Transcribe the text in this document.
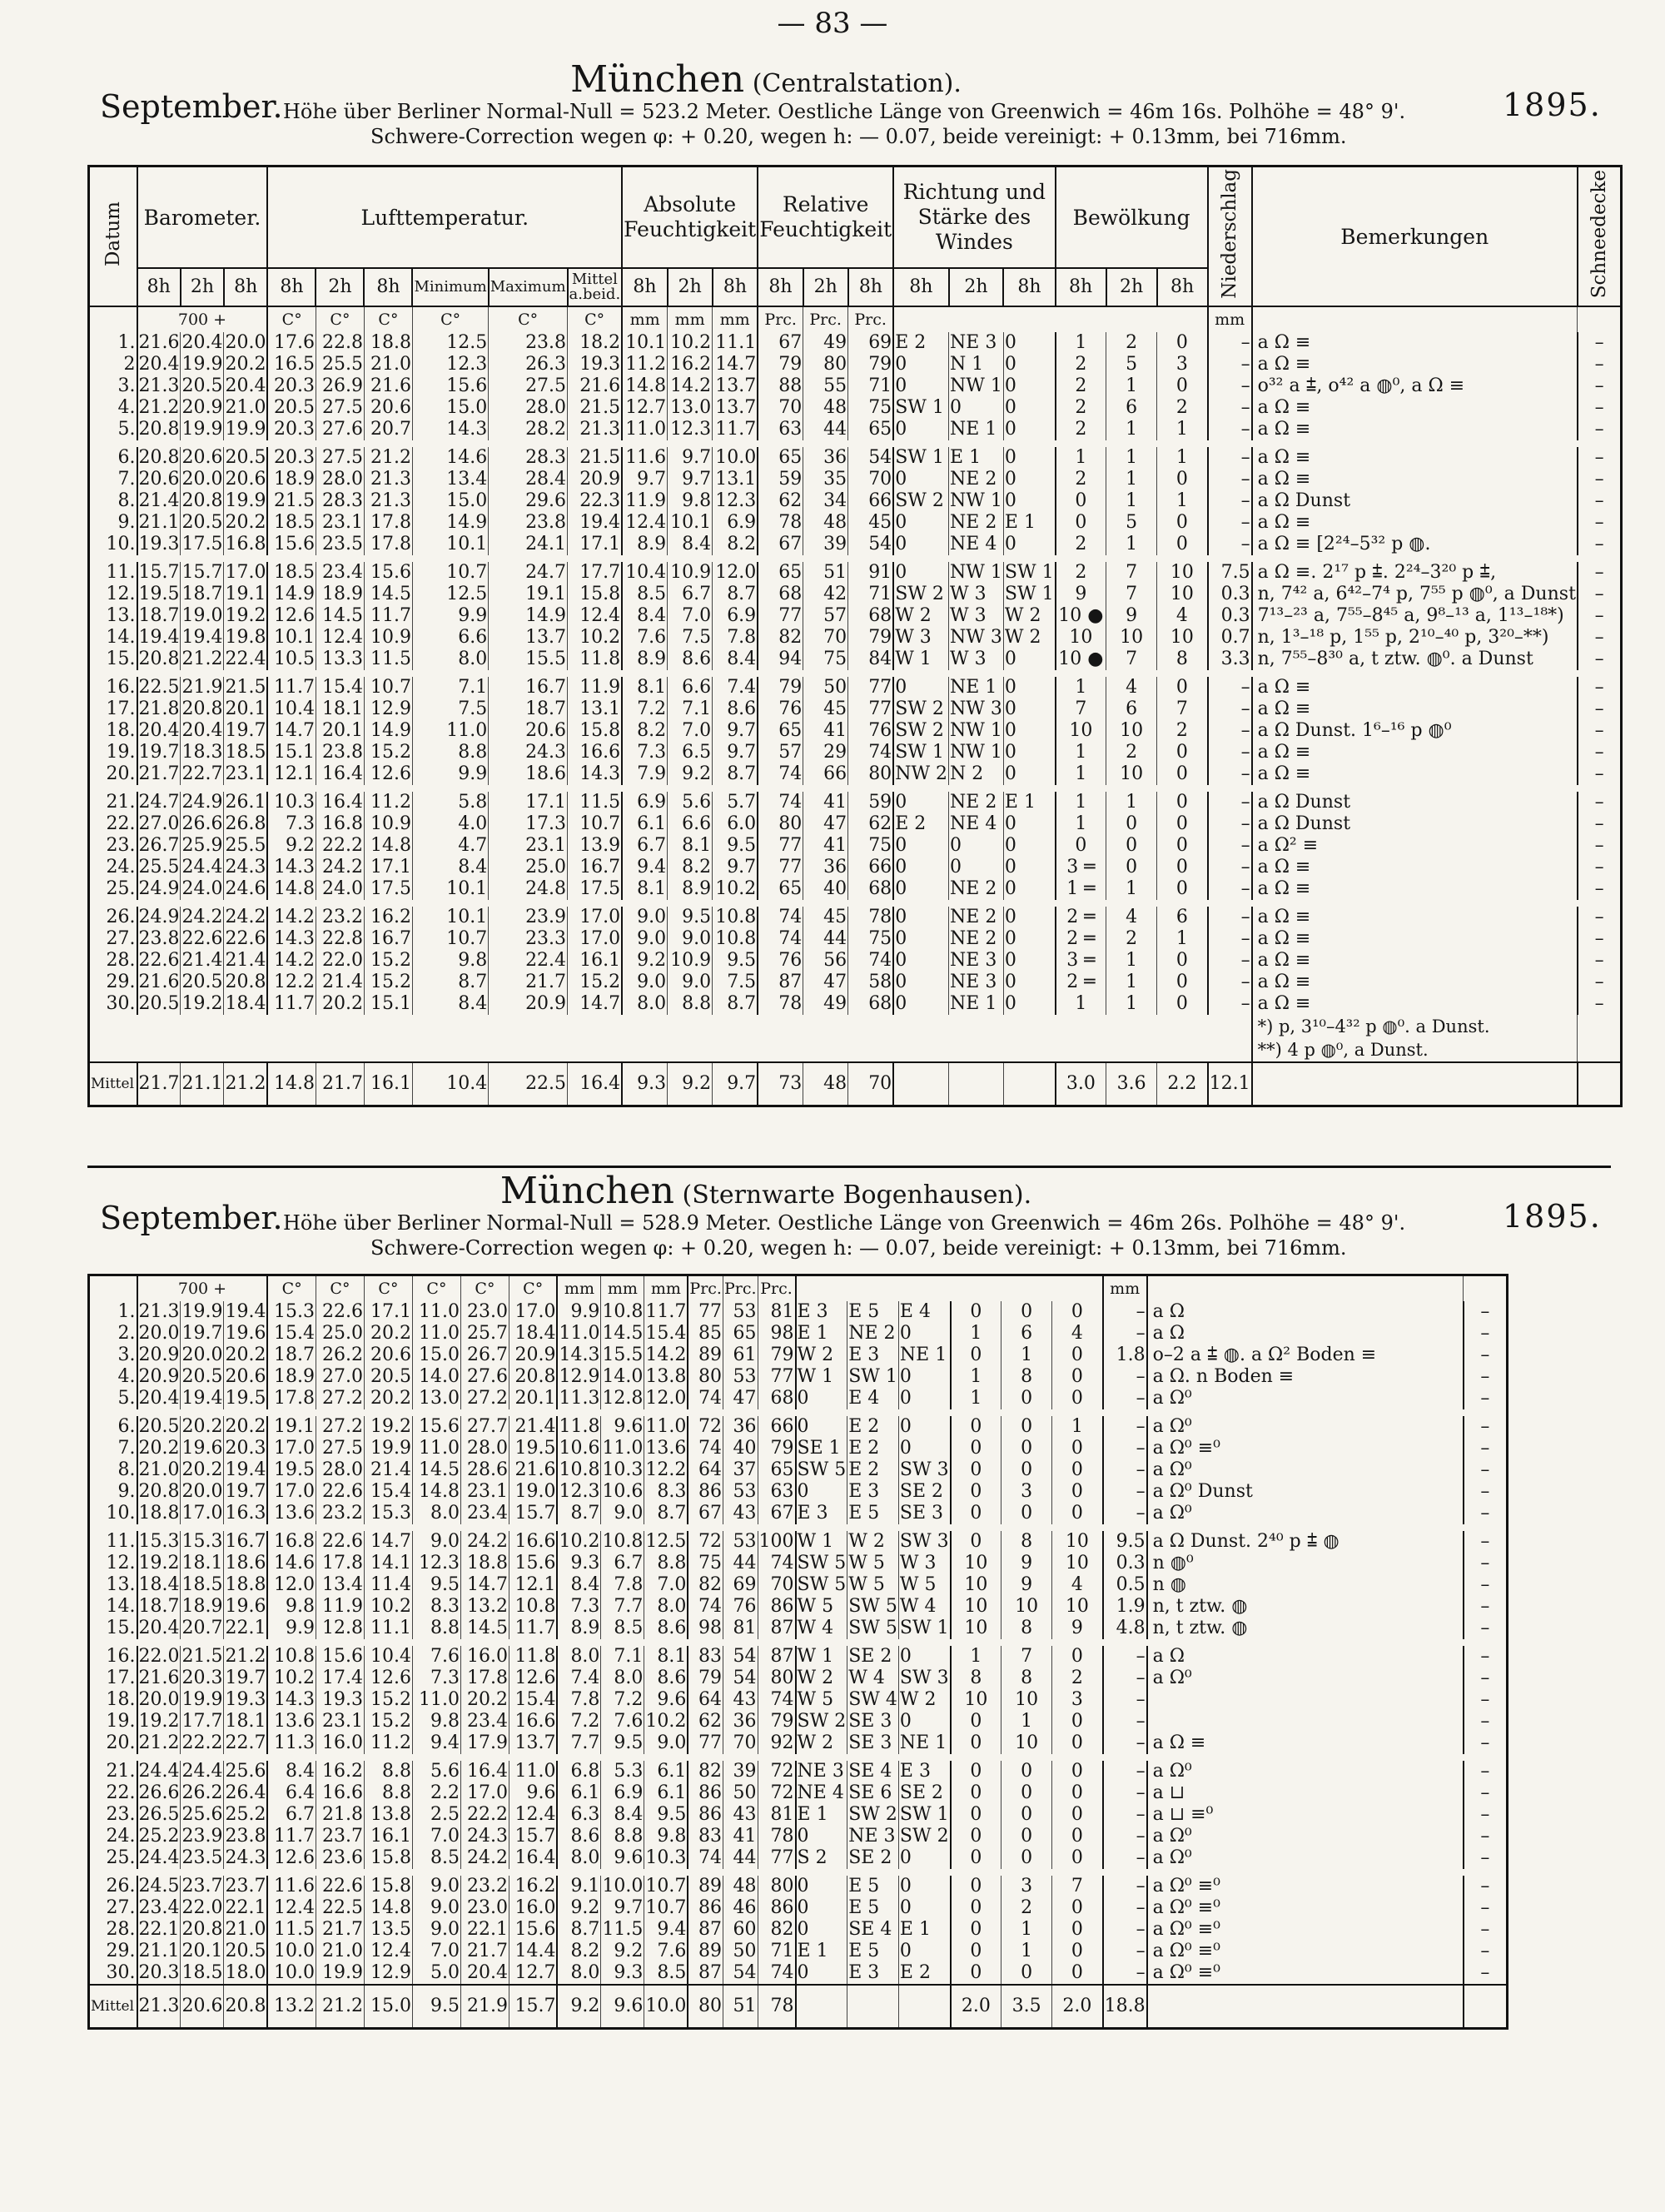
— 83 —
München (Centralstation).
September.	1895.
Höhe über Berliner Normal-Null = 523.2 Meter. Oestliche Länge von Greenwich = 46m 16s. Polhöhe = 48° 9'.
Schwere-Correction wegen φ: + 0.20, wegen h: — 0.07, beide vereinigt: + 0.13mm, bei 716mm.
Datum	Barometer.			Lufttemperatur.						Absolute Feuchtigkeit			Relative Feuchtigkeit			Richtung und Stärke des Windes			Bewölkung			Niederschlag	Bemerkungen	Schneedecke
	8h	2h	8h	8h	2h	8h	Minimum	Maximum	Mittel a.beid.	8h	2h	8h	8h	2h	8h	8h	2h	8h	8h	2h	8h			
	700 +			C°	C°	C°	C°	C°	C°	mm	mm	mm	Prc.	Prc.	Prc.							mm		
1.	21.6	20.4	20.0	17.6	22.8	18.8	12.5	23.8	18.2	10.1	10.2	11.1	67	49	69	E 2	NE 3	0	1	2	0	–	a Ω ≡	–
2	20.4	19.9	20.2	16.5	25.5	21.0	12.3	26.3	19.3	11.2	16.2	14.7	79	80	79	0	N 1	0	2	5	3	–	a Ω ≡	–
3.	21.3	20.5	20.4	20.3	26.9	21.6	15.6	27.5	21.6	14.8	14.2	13.7	88	55	71	0	NW 1	0	2	1	0	–	o³² a ⩲, o⁴² a ◍⁰, a Ω ≡	–
4.	21.2	20.9	21.0	20.5	27.5	20.6	15.0	28.0	21.5	12.7	13.0	13.7	70	48	75	SW 1	0	0	2	6	2	–	a Ω ≡	–
5.	20.8	19.9	19.9	20.3	27.6	20.7	14.3	28.2	21.3	11.0	12.3	11.7	63	44	65	0	NE 1	0	2	1	1	–	a Ω ≡	–

6.	20.8	20.6	20.5	20.3	27.5	21.2	14.6	28.3	21.5	11.6	9.7	10.0	65	36	54	SW 1	E 1	0	1	1	1	–	a Ω ≡	–
7.	20.6	20.0	20.6	18.9	28.0	21.3	13.4	28.4	20.9	9.7	9.7	13.1	59	35	70	0	NE 2	0	2	1	0	–	a Ω ≡	–
8.	21.4	20.8	19.9	21.5	28.3	21.3	15.0	29.6	22.3	11.9	9.8	12.3	62	34	66	SW 2	NW 1	0	0	1	1	–	a Ω Dunst	–
9.	21.1	20.5	20.2	18.5	23.1	17.8	14.9	23.8	19.4	12.4	10.1	6.9	78	48	45	0	NE 2	E 1	0	5	0	–	a Ω ≡	–
10.	19.3	17.5	16.8	15.6	23.5	17.8	10.1	24.1	17.1	8.9	8.4	8.2	67	39	54	0	NE 4	0	2	1	0	–	a Ω ≡ [2²⁴–5³² p ◍.	–

11.	15.7	15.7	17.0	18.5	23.4	15.6	10.7	24.7	17.7	10.4	10.9	12.0	65	51	91	0	NW 1	SW 1	2	7	10	7.5	a Ω ≡. 2¹⁷ p ⩲. 2²⁴–3²⁰ p ⩲,	–
12.	19.5	18.7	19.1	14.9	18.9	14.5	12.5	19.1	15.8	8.5	6.7	8.7	68	42	71	SW 2	W 3	SW 1	9	7	10	0.3	n, 7⁴² a, 6⁴²–7⁴ p, 7⁵⁵ p ◍⁰, a Dunst	–
13.	18.7	19.0	19.2	12.6	14.5	11.7	9.9	14.9	12.4	8.4	7.0	6.9	77	57	68	W 2	W 3	W 2	10 ●	9	4	0.3	7¹³–²³ a, 7⁵⁵–8⁴⁵ a, 9⁸–¹³ a, 1¹³–¹⁸*)	–
14.	19.4	19.4	19.8	10.1	12.4	10.9	6.6	13.7	10.2	7.6	7.5	7.8	82	70	79	W 3	NW 3	W 2	10	10	10	0.7	n, 1³–¹⁸ p, 1⁵⁵ p, 2¹⁰–⁴⁰ p, 3²⁰–**)	–
15.	20.8	21.2	22.4	10.5	13.3	11.5	8.0	15.5	11.8	8.9	8.6	8.4	94	75	84	W 1	W 3	0	10 ●	7	8	3.3	n, 7⁵⁵–8³⁰ a, t ztw. ◍⁰. a Dunst	–

16.	22.5	21.9	21.5	11.7	15.4	10.7	7.1	16.7	11.9	8.1	6.6	7.4	79	50	77	0	NE 1	0	1	4	0	–	a Ω ≡	–
17.	21.8	20.8	20.1	10.4	18.1	12.9	7.5	18.7	13.1	7.2	7.1	8.6	76	45	77	SW 2	NW 3	0	7	6	7	–	a Ω ≡	–
18.	20.4	20.4	19.7	14.7	20.1	14.9	11.0	20.6	15.8	8.2	7.0	9.7	65	41	76	SW 2	NW 1	0	10	10	2	–	a Ω Dunst. 1⁶–¹⁶ p ◍⁰	–
19.	19.7	18.3	18.5	15.1	23.8	15.2	8.8	24.3	16.6	7.3	6.5	9.7	57	29	74	SW 1	NW 1	0	1	2	0	–	a Ω ≡	–
20.	21.7	22.7	23.1	12.1	16.4	12.6	9.9	18.6	14.3	7.9	9.2	8.7	74	66	80	NW 2	N 2	0	1	10	0	–	a Ω ≡	–

21.	24.7	24.9	26.1	10.3	16.4	11.2	5.8	17.1	11.5	6.9	5.6	5.7	74	41	59	0	NE 2	E 1	1	1	0	–	a Ω Dunst	–
22.	27.0	26.6	26.8	7.3	16.8	10.9	4.0	17.3	10.7	6.1	6.6	6.0	80	47	62	E 2	NE 4	0	1	0	0	–	a Ω Dunst	–
23.	26.7	25.9	25.5	9.2	22.2	14.8	4.7	23.1	13.9	6.7	8.1	9.5	77	41	75	0	0	0	0	0	0	–	a Ω² ≡	–
24.	25.5	24.4	24.3	14.3	24.2	17.1	8.4	25.0	16.7	9.4	8.2	9.7	77	36	66	0	0	0	3 ═	0	0	–	a Ω ≡	–
25.	24.9	24.0	24.6	14.8	24.0	17.5	10.1	24.8	17.5	8.1	8.9	10.2	65	40	68	0	NE 2	0	1 ═	1	0	–	a Ω ≡	–

26.	24.9	24.2	24.2	14.2	23.2	16.2	10.1	23.9	17.0	9.0	9.5	10.8	74	45	78	0	NE 2	0	2 ═	4	6	–	a Ω ≡	–
27.	23.8	22.6	22.6	14.3	22.8	16.7	10.7	23.3	17.0	9.0	9.0	10.8	74	44	75	0	NE 2	0	2 ═	2	1	–	a Ω ≡	–
28.	22.6	21.4	21.4	14.2	22.0	15.2	9.8	22.4	16.1	9.2	10.9	9.5	76	56	74	0	NE 3	0	3 ═	1	0	–	a Ω ≡	–
29.	21.6	20.5	20.8	12.2	21.4	15.2	8.7	21.7	15.2	9.0	9.0	7.5	87	47	58	0	NE 3	0	2 ═	1	0	–	a Ω ≡	–
30.	20.5	19.2	18.4	11.7	20.2	15.1	8.4	20.9	14.7	8.0	8.8	8.7	78	49	68	0	NE 1	0	1	1	0	–	a Ω ≡	–
																							*) p, 3¹⁰–4³² p ◍⁰. a Dunst.	
																							**) 4 p ◍⁰, a Dunst.	
Mittel	21.7	21.1	21.2	14.8	21.7	16.1	10.4	22.5	16.4	9.3	9.2	9.7	73	48	70				3.0	3.6	2.2	12.1		
München (Sternwarte Bogenhausen).
September.	1895.
Höhe über Berliner Normal-Null = 528.9 Meter. Oestliche Länge von Greenwich = 46m 26s. Polhöhe = 48° 9'.
Schwere-Correction wegen φ: + 0.20, wegen h: — 0.07, beide vereinigt: + 0.13mm, bei 716mm.
	700 +			C°	C°	C°	C°	C°	C°	mm	mm	mm	Prc.	Prc.	Prc.							mm		
1.	21.3	19.9	19.4	15.3	22.6	17.1	11.0	23.0	17.0	9.9	10.8	11.7	77	53	81	E 3	E 5	E 4	0	0	0	–	a Ω	–
2.	20.0	19.7	19.6	15.4	25.0	20.2	11.0	25.7	18.4	11.0	14.5	15.4	85	65	98	E 1	NE 2	0	1	6	4	–	a Ω	–
3.	20.9	20.0	20.2	18.7	26.2	20.6	15.0	26.7	20.9	14.3	15.5	14.2	89	61	79	W 2	E 3	NE 1	0	1	0	1.8	o–2 a ⩲ ◍. a Ω² Boden ≡	–
4.	20.9	20.5	20.6	18.9	27.0	20.5	14.0	27.6	20.8	12.9	14.0	13.8	80	53	77	W 1	SW 1	0	1	8	0	–	a Ω. n Boden ≡	–
5.	20.4	19.4	19.5	17.8	27.2	20.2	13.0	27.2	20.1	11.3	12.8	12.0	74	47	68	0	E 4	0	1	0	0	–	a Ω⁰	–

6.	20.5	20.2	20.2	19.1	27.2	19.2	15.6	27.7	21.4	11.8	9.6	11.0	72	36	66	0	E 2	0	0	0	1	–	a Ω⁰	–
7.	20.2	19.6	20.3	17.0	27.5	19.9	11.0	28.0	19.5	10.6	11.0	13.6	74	40	79	SE 1	E 2	0	0	0	0	–	a Ω⁰ ≡⁰	–
8.	21.0	20.2	19.4	19.5	28.0	21.4	14.5	28.6	21.6	10.8	10.3	12.2	64	37	65	SW 5	E 2	SW 3	0	0	0	–	a Ω⁰	–
9.	20.8	20.0	19.7	17.0	22.6	15.4	14.8	23.1	19.0	12.3	10.6	8.3	86	53	63	0	E 3	SE 2	0	3	0	–	a Ω⁰ Dunst	–
10.	18.8	17.0	16.3	13.6	23.2	15.3	8.0	23.4	15.7	8.7	9.0	8.7	67	43	67	E 3	E 5	SE 3	0	0	0	–	a Ω⁰	–

11.	15.3	15.3	16.7	16.8	22.6	14.7	9.0	24.2	16.6	10.2	10.8	12.5	72	53	100	W 1	W 2	SW 3	0	8	10	9.5	a Ω Dunst. 2⁴⁰ p ⩲ ◍	–
12.	19.2	18.1	18.6	14.6	17.8	14.1	12.3	18.8	15.6	9.3	6.7	8.8	75	44	74	SW 5	W 5	W 3	10	9	10	0.3	n ◍⁰	–
13.	18.4	18.5	18.8	12.0	13.4	11.4	9.5	14.7	12.1	8.4	7.8	7.0	82	69	70	SW 5	W 5	W 5	10	9	4	0.5	n ◍	–
14.	18.7	18.9	19.6	9.8	11.9	10.2	8.3	13.2	10.8	7.3	7.7	8.0	74	76	86	W 5	SW 5	W 4	10	10	10	1.9	n, t ztw. ◍	–
15.	20.4	20.7	22.1	9.9	12.8	11.1	8.8	14.5	11.7	8.9	8.5	8.6	98	81	87	W 4	SW 5	SW 1	10	8	9	4.8	n, t ztw. ◍	–

16.	22.0	21.5	21.2	10.8	15.6	10.4	7.6	16.0	11.8	8.0	7.1	8.1	83	54	87	W 1	SE 2	0	1	7	0	–	a Ω	–
17.	21.6	20.3	19.7	10.2	17.4	12.6	7.3	17.8	12.6	7.4	8.0	8.6	79	54	80	W 2	W 4	SW 3	8	8	2	–	a Ω⁰	–
18.	20.0	19.9	19.3	14.3	19.3	15.2	11.0	20.2	15.4	7.8	7.2	9.6	64	43	74	W 5	SW 4	W 2	10	10	3	–		–
19.	19.2	17.7	18.1	13.6	23.1	15.2	9.8	23.4	16.6	7.2	7.6	10.2	62	36	79	SW 2	SE 3	0	0	1	0	–		–
20.	21.2	22.2	22.7	11.3	16.0	11.2	9.4	17.9	13.7	7.7	9.5	9.0	77	70	92	W 2	SE 3	NE 1	0	10	0	–	a Ω ≡	–

21.	24.4	24.4	25.6	8.4	16.2	8.8	5.6	16.4	11.0	6.8	5.3	6.1	82	39	72	NE 3	SE 4	E 3	0	0	0	–	a Ω⁰	–
22.	26.6	26.2	26.4	6.4	16.6	8.8	2.2	17.0	9.6	6.1	6.9	6.1	86	50	72	NE 4	SE 6	SE 2	0	0	0	–	a ⊔	–
23.	26.5	25.6	25.2	6.7	21.8	13.8	2.5	22.2	12.4	6.3	8.4	9.5	86	43	81	E 1	SW 2	SW 1	0	0	0	–	a ⊔ ≡⁰	–
24.	25.2	23.9	23.8	11.7	23.7	16.1	7.0	24.3	15.7	8.6	8.8	9.8	83	41	78	0	NE 3	SW 2	0	0	0	–	a Ω⁰	–
25.	24.4	23.5	24.3	12.6	23.6	15.8	8.5	24.2	16.4	8.0	9.6	10.3	74	44	77	S 2	SE 2	0	0	0	0	–	a Ω⁰	–

26.	24.5	23.7	23.7	11.6	22.6	15.8	9.0	23.2	16.2	9.1	10.0	10.7	89	48	80	0	E 5	0	0	3	7	–	a Ω⁰ ≡⁰	–
27.	23.4	22.0	22.1	12.4	22.5	14.8	9.0	23.0	16.0	9.2	9.7	10.7	86	46	86	0	E 5	0	0	2	0	–	a Ω⁰ ≡⁰	–
28.	22.1	20.8	21.0	11.5	21.7	13.5	9.0	22.1	15.6	8.7	11.5	9.4	87	60	82	0	SE 4	E 1	0	1	0	–	a Ω⁰ ≡⁰	–
29.	21.1	20.1	20.5	10.0	21.0	12.4	7.0	21.7	14.4	8.2	9.2	7.6	89	50	71	E 1	E 5	0	0	1	0	–	a Ω⁰ ≡⁰	–
30.	20.3	18.5	18.0	10.0	19.9	12.9	5.0	20.4	12.7	8.0	9.3	8.5	87	54	74	0	E 3	E 2	0	0	0	–	a Ω⁰ ≡⁰	–
Mittel	21.3	20.6	20.8	13.2	21.2	15.0	9.5	21.9	15.7	9.2	9.6	10.0	80	51	78				2.0	3.5	2.0	18.8		
